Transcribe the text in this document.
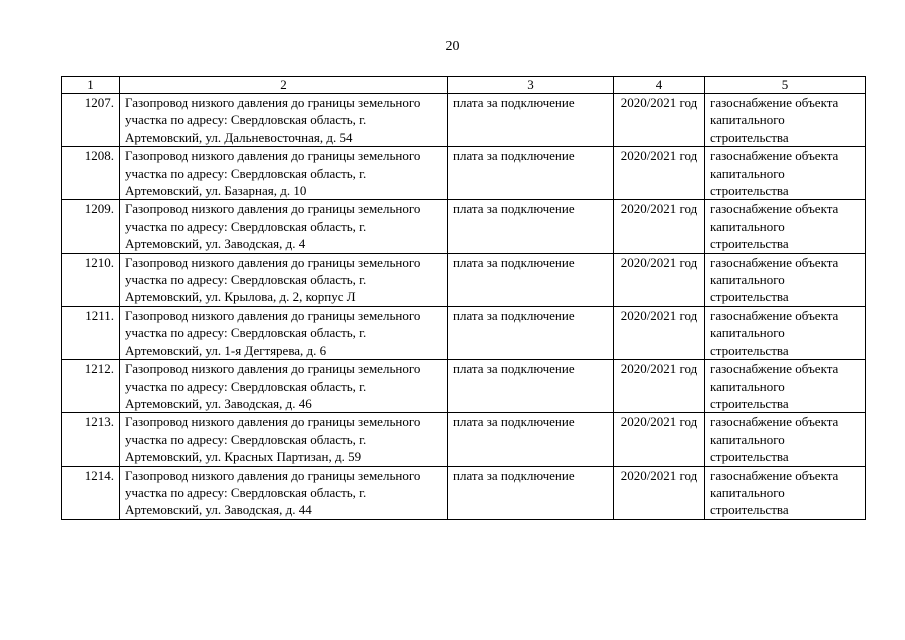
20
1	2	3	4	5
1207.	Газопровод низкого давления до границы земельного участка по адресу: Свердловская область, г. Артемовский, ул. Дальневосточная, д. 54	плата за подключение	2020/2021 год	газоснабжение объекта капитального строительства
1208.	Газопровод низкого давления до границы земельного участка по адресу: Свердловская область, г. Артемовский, ул. Базарная, д. 10	плата за подключение	2020/2021 год	газоснабжение объекта капитального строительства
1209.	Газопровод низкого давления до границы земельного участка по адресу: Свердловская область, г. Артемовский, ул. Заводская, д. 4	плата за подключение	2020/2021 год	газоснабжение объекта капитального строительства
1210.	Газопровод низкого давления до границы земельного участка по адресу: Свердловская область, г. Артемовский, ул. Крылова, д. 2, корпус Л	плата за подключение	2020/2021 год	газоснабжение объекта капитального строительства
1211.	Газопровод низкого давления до границы земельного участка по адресу: Свердловская область, г. Артемовский, ул. 1-я Дегтярева, д. 6	плата за подключение	2020/2021 год	газоснабжение объекта капитального строительства
1212.	Газопровод низкого давления до границы земельного участка по адресу: Свердловская область, г. Артемовский, ул. Заводская, д. 46	плата за подключение	2020/2021 год	газоснабжение объекта капитального строительства
1213.	Газопровод низкого давления до границы земельного участка по адресу: Свердловская область, г. Артемовский, ул. Красных Партизан, д. 59	плата за подключение	2020/2021 год	газоснабжение объекта капитального строительства
1214.	Газопровод низкого давления до границы земельного участка по адресу: Свердловская область, г. Артемовский, ул. Заводская, д. 44	плата за подключение	2020/2021 год	газоснабжение объекта капитального строительства
